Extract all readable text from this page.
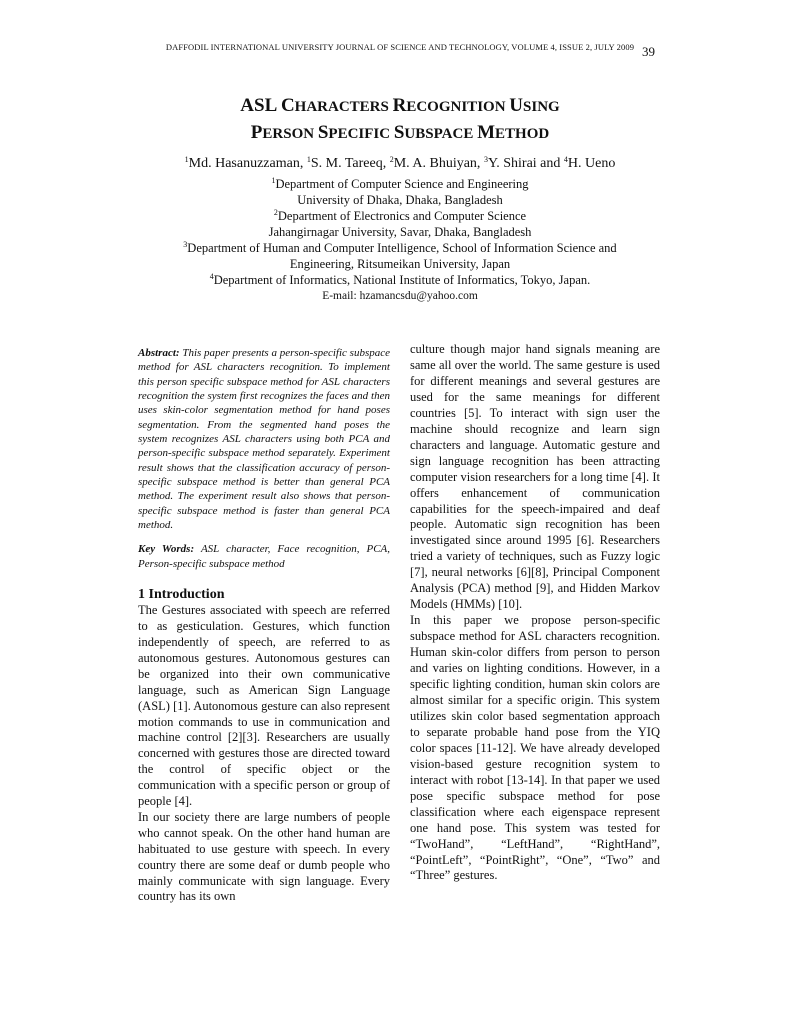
DAFFODIL INTERNATIONAL UNIVERSITY JOURNAL OF SCIENCE AND TECHNOLOGY, VOLUME 4, ISSUE 2, JULY 2009 39
ASL CHARACTERS RECOGNITION USING
PERSON SPECIFIC SUBSPACE METHOD
$^1$Md. Hasanuzzaman, $^1$S. M. Tareeq, $^2$M. A. Bhuiyan, $^3$Y. Shirai and $^4$H. Ueno
$^1$Department of Computer Science and Engineering
University of Dhaka, Dhaka, Bangladesh
$^2$Department of Electronics and Computer Science
Jahangirnagar University, Savar, Dhaka, Bangladesh
$^3$Department of Human and Computer Intelligence, School of Information Science and
Engineering, Ritsumeikan University, Japan
$^4$Department of Informatics, National Institute of Informatics, Tokyo, Japan.
E-mail: hzamancsdu@yahoo.com

Abstract: This paper presents a person-specific subspace method for ASL characters recognition. To implement this person specific subspace method for ASL characters recognition the system first recognizes the faces and then uses skin-color segmentation method for hand poses segmentation. From the segmented hand poses the system recognizes ASL characters using both PCA and person-specific subspace method separately. Experiment result shows that the classification accuracy of person-specific subspace method is better than general PCA method. The experiment result also shows that person-specific subspace method is faster than general PCA method.

Key Words: ASL character, Face recognition, PCA, Person-specific subspace method

1 Introduction

The Gestures associated with speech are referred to as gesticulation. Gestures, which function independently of speech, are referred to as autonomous gestures. Autonomous gestures can be organized into their own communicative language, such as American Sign Language (ASL) [1]. Autonomous gesture can also represent motion commands to use in communication and machine control [2][3]. Researchers are usually concerned with gestures those are directed toward the control of specific object or the communication with a specific person or group of people [4].

In our society there are large numbers of people who cannot speak. On the other hand human are habituated to use gesture with speech. In every country there are some deaf or dumb people who mainly communicate with sign language. Every country has its own

culture though major hand signals meaning are same all over the world. The same gesture is used for different meanings and several gestures are used for the same meanings for different countries [5]. To interact with sign user the machine should recognize and learn sign characters and language. Automatic gesture and sign language recognition has been attracting computer vision researchers for a long time [4]. It offers enhancement of communication capabilities for the speech-impaired and deaf people. Automatic sign recognition has been investigated since around 1995 [6]. Researchers tried a variety of techniques, such as Fuzzy logic [7], neural networks [6][8], Principal Component Analysis (PCA) method [9], and Hidden Markov Models (HMMs) [10].

In this paper we propose person-specific subspace method for ASL characters recognition. Human skin-color differs from person to person and varies on lighting conditions. However, in a specific lighting condition, human skin colors are almost similar for a specific origin. This system utilizes skin color based segmentation approach to separate probable hand pose from the YIQ color spaces [11-12]. We have already developed vision-based gesture recognition system to interact with robot [13-14]. In that paper we used pose specific subspace method for pose classification where each eigenspace represent one hand pose. This system was tested for “TwoHand”, “LeftHand”, “RightHand”, “PointLeft”, “PointRight”, “One”, “Two” and “Three” gestures.
